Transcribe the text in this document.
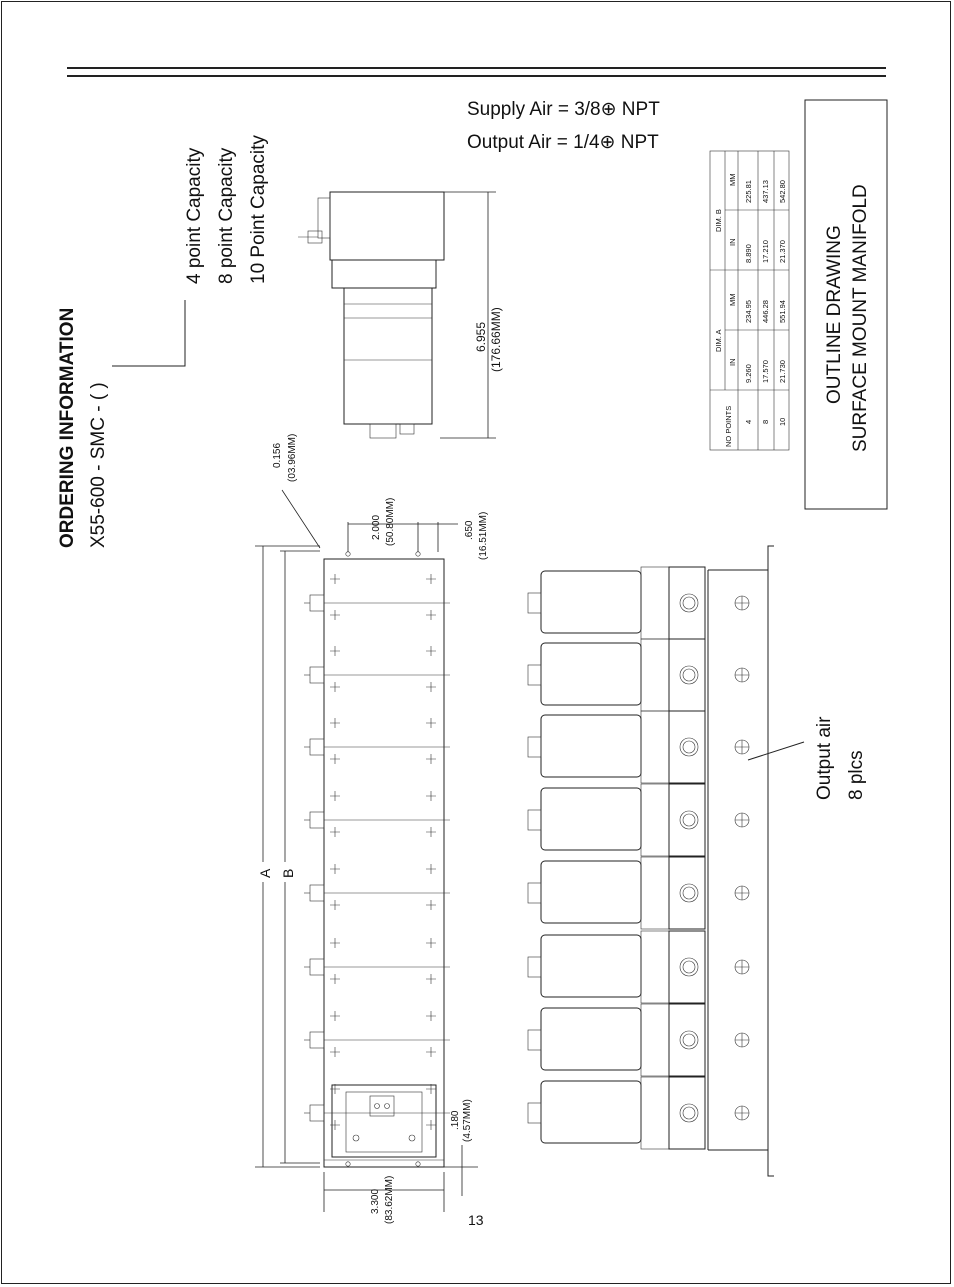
Supply Air = 3/8⊕ NPT
Output Air = 1/4⊕ NPT
13
ORDERING INFORMATION X55-600 - SMC - ( )
4 point Capacity 8 point Capacity 10 Point Capacity
OUTLINE DRAWING SURFACE MOUNT MANIFOLD
NO POINTS
DIM. A
DIM. B
IN
MM
IN
MM
4
9.260
234.95
8.890
225.81
8
17.570
446.28
17.210
437.13
10
21.730
551.94
21.370
542.80
6.955 (176.66MM)
0.156 (03.96MM)
2.000 (50.80MM)	.650 (16.51MM)
A B
.180 (4.57MM)
3.300 (83.62MM)
Output air 8 plcs
